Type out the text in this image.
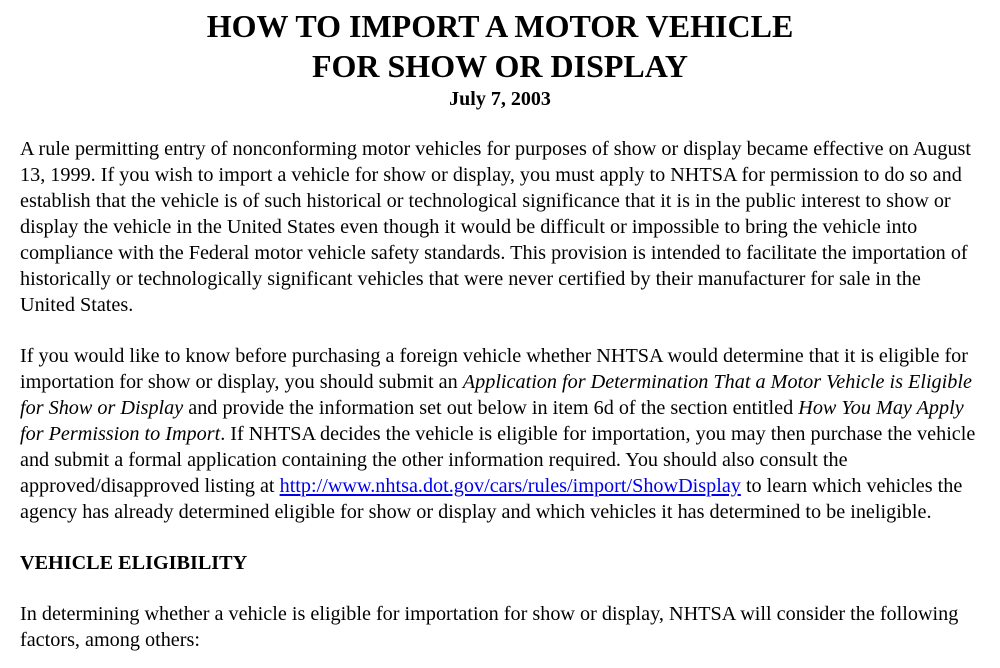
HOW TO IMPORT A MOTOR VEHICLE
FOR SHOW OR DISPLAY
July 7, 2003

A rule permitting entry of nonconforming motor vehicles for purposes of show or display became effective on August 13, 1999. If you wish to import a vehicle for show or display, you must apply to NHTSA for permission to do so and establish that the vehicle is of such historical or technological significance that it is in the public interest to show or display the vehicle in the United States even though it would be difficult or impossible to bring the vehicle into compliance with the Federal motor vehicle safety standards. This provision is intended to facilitate the importation of historically or technologically significant vehicles that were never certified by their manufacturer for sale in the United States.

If you would like to know before purchasing a foreign vehicle whether NHTSA would determine that it is eligible for importation for show or display, you should submit an Application for Determination That a Motor Vehicle is Eligible for Show or Display and provide the information set out below in item 6d of the section entitled How You May Apply for Permission to Import. If NHTSA decides the vehicle is eligible for importation, you may then purchase the vehicle and submit a formal application containing the other information required. You should also consult the approved/disapproved listing at http://www.nhtsa.dot.gov/cars/rules/import/ShowDisplay to learn which vehicles the agency has already determined eligible for show or display and which vehicles it has determined to be ineligible.

VEHICLE ELIGIBILITY

In determining whether a vehicle is eligible for importation for show or display, NHTSA will consider the following factors, among others:
